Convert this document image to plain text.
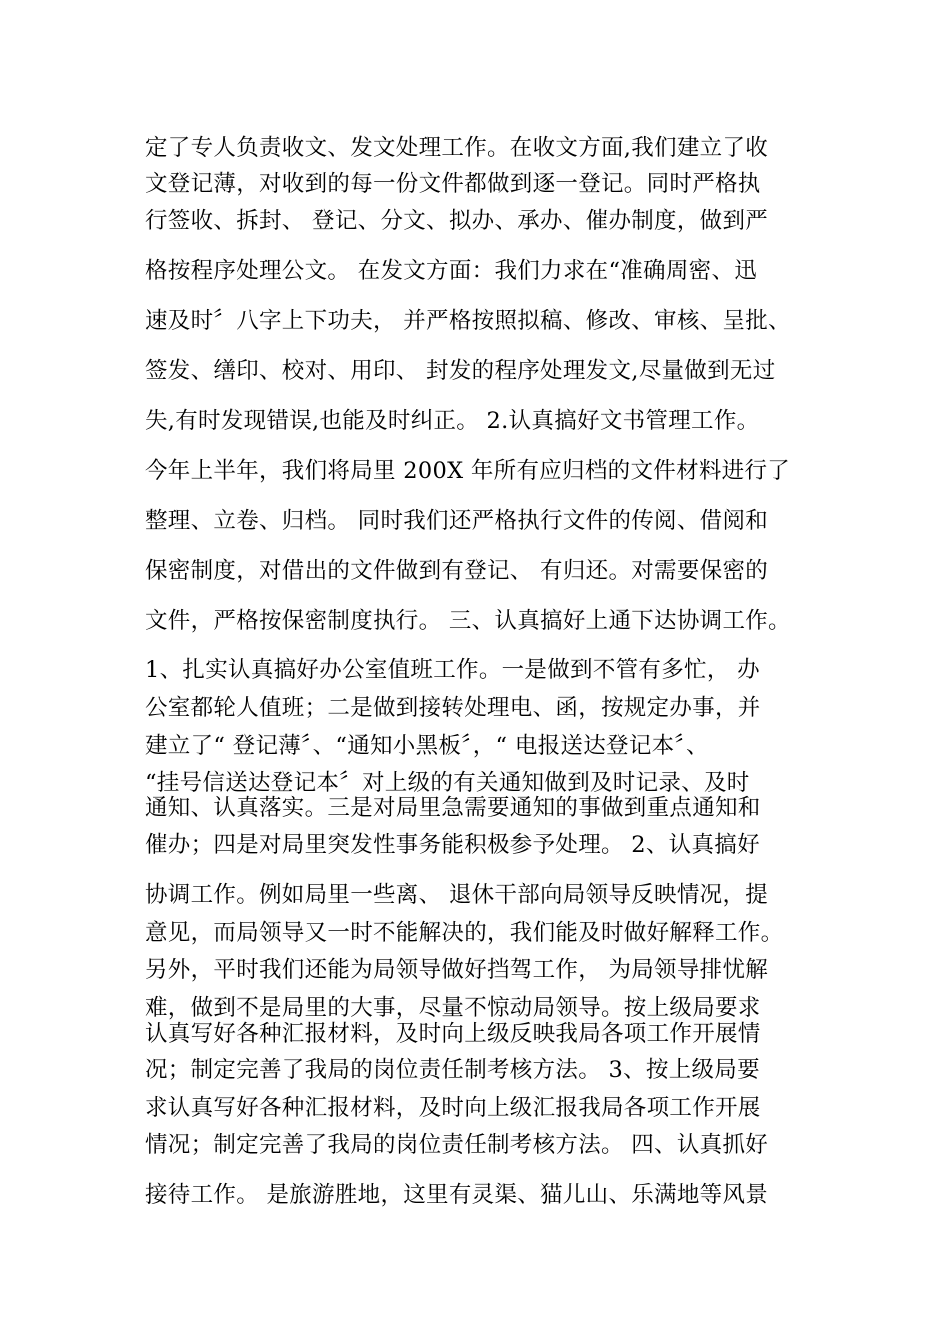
定了专人负责收文、发文处理工作。在收文方面,我们建立了收
文登记薄，对收到的每一份文件都做到逐一登记。同时严格执
行签收、拆封、 登记、分文、拟办、承办、催办制度，做到严
格按程序处理公文。 在发文方面：我们力求在“准确周密、迅
速及时〞八字上下功夫， 并严格按照拟稿、修改、审核、呈批、
签发、缮印、校对、用印、 封发的程序处理发文,尽量做到无过
失,有时发现错误,也能及时纠正。 2.认真搞好文书管理工作。
今年上半年，我们将局里 200X 年所有应归档的文件材料进行了
整理、立卷、归档。 同时我们还严格执行文件的传阅、借阅和
保密制度，对借出的文件做到有登记、 有归还。对需要保密的
文件，严格按保密制度执行。 三、认真搞好上通下达协调工作。
1、扎实认真搞好办公室值班工作。一是做到不管有多忙， 办
公室都轮人值班；二是做到接转处理电、函，按规定办事，并
建立了“ 登记薄〞、“通知小黑板〞，“ 电报送达登记本〞、
“挂号信送达登记本〞对上级的有关通知做到及时记录、及时
通知、认真落实。三是对局里急需要通知的事做到重点通知和
催办；四是对局里突发性事务能积极参予处理。 2、认真搞好
协调工作。例如局里一些离、 退休干部向局领导反映情况，提
意见，而局领导又一时不能解决的，我们能及时做好解释工作。
另外，平时我们还能为局领导做好挡驾工作， 为局领导排忧解
难，做到不是局里的大事，尽量不惊动局领导。按上级局要求
认真写好各种汇报材料，及时向上级反映我局各项工作开展情
况；制定完善了我局的岗位责任制考核方法。 3、按上级局要
求认真写好各种汇报材料，及时向上级汇报我局各项工作开展
情况；制定完善了我局的岗位责任制考核方法。 四、认真抓好
接待工作。 是旅游胜地，这里有灵渠、猫儿山、乐满地等风景
